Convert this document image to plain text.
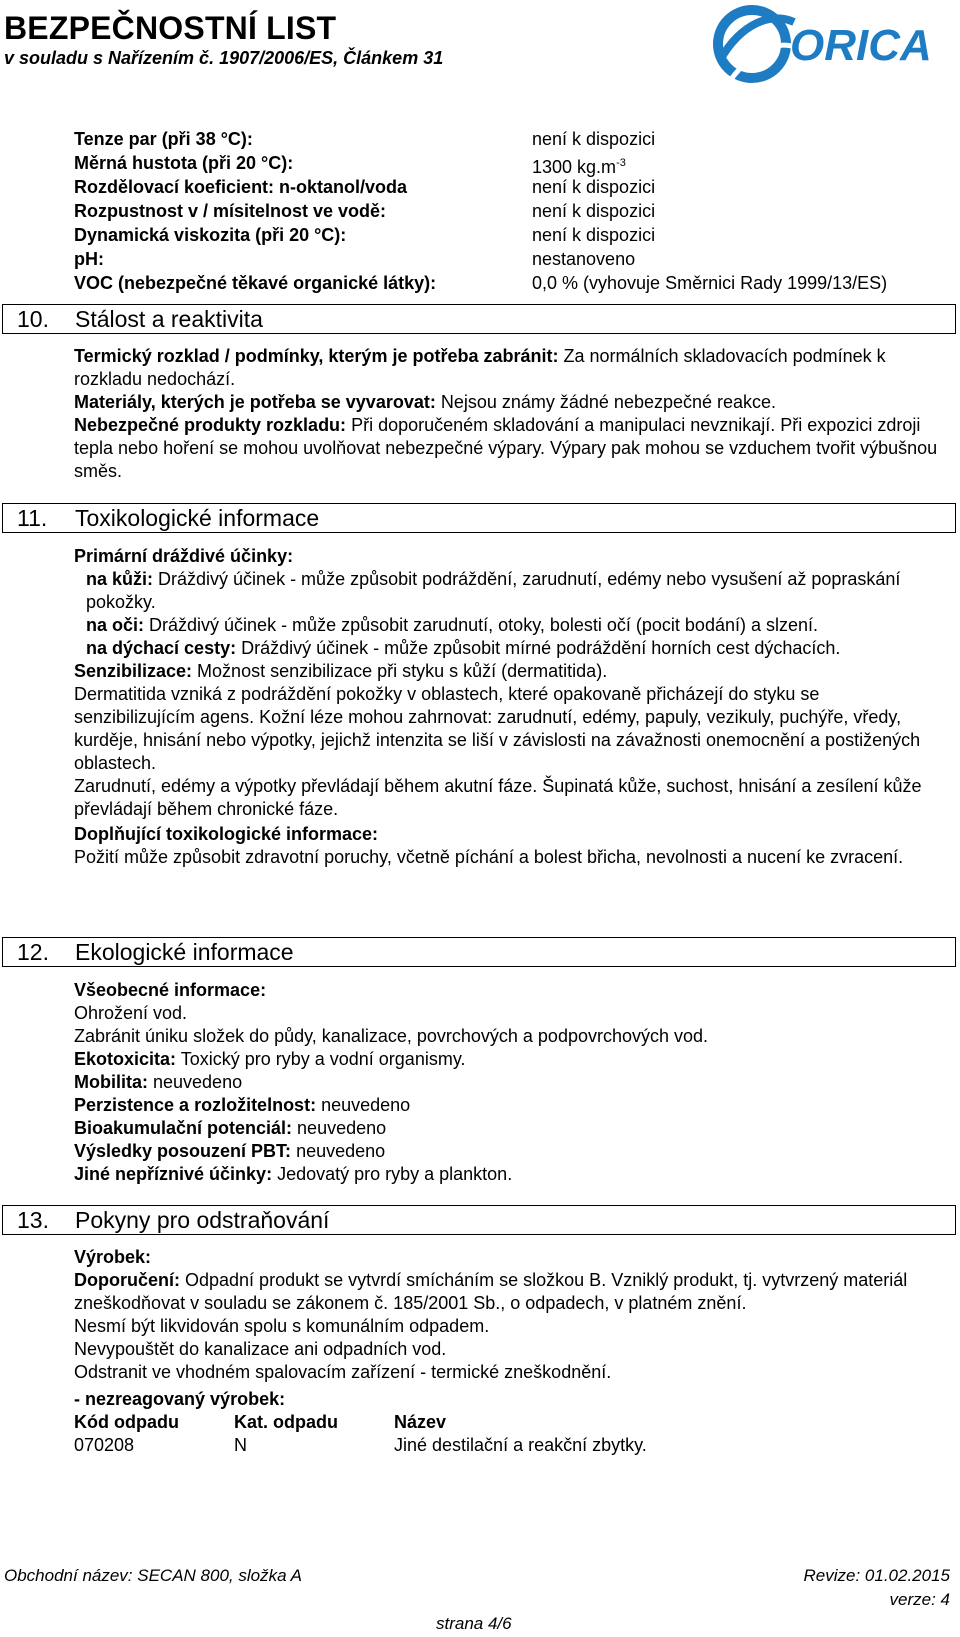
BEZPEČNOSTNÍ LIST
v souladu s Nařízením č. 1907/2006/ES, Článkem 31	ORICA
Tenze par (při 38 °C):	není k dispozici
Měrná hustota (při 20 °C):	1300 $kg.m^{-3}$
Rozdělovací koeficient: n-oktanol/voda	není k dispozici
Rozpustnost v / mísitelnost ve vodě:	není k dispozici
Dynamická viskozita (při 20 °C):	není k dispozici
pH:	nestanoveno
VOC (nebezpečné těkavé organické látky):	0,0 % (vyhovuje Směrnici Rady 1999/13/ES)
10. Stálost a reaktivita

Termický rozklad / podmínky, kterým je potřeba zabránit: Za normálních skladovacích podmínek k rozkladu nedochází.

Materiály, kterých je potřeba se vyvarovat: Nejsou známy žádné nebezpečné reakce.

Nebezpečné produkty rozkladu: Při doporučeném skladování a manipulaci nevznikají. Při expozici zdroji tepla nebo hoření se mohou uvolňovat nebezpečné výpary. Výpary pak mohou se vzduchem tvořit výbušnou směs.

11. Toxikologické informace

Primární dráždivé účinky:

na kůži: Dráždivý účinek - může způsobit podráždění, zarudnutí, edémy nebo vysušení až popraskání pokožky.

na oči: Dráždivý účinek - může způsobit zarudnutí, otoky, bolesti očí (pocit bodání) a slzení.

na dýchací cesty: Dráždivý účinek - může způsobit mírné podráždění horních cest dýchacích.

Senzibilizace: Možnost senzibilizace při styku s kůží (dermatitida).

Dermatitida vzniká z podráždění pokožky v oblastech, které opakovaně přicházejí do styku se senzibilizujícím agens. Kožní léze mohou zahrnovat: zarudnutí, edémy, papuly, vezikuly, puchýře, vředy, kurděje, hnisání nebo výpotky, jejichž intenzita se liší v závislosti na závažnosti onemocnění a postižených oblastech.

Zarudnutí, edémy a výpotky převládají během akutní fáze. Šupinatá kůže, suchost, hnisání a zesílení kůže převládají během chronické fáze.

Doplňující toxikologické informace:

Požití může způsobit zdravotní poruchy, včetně píchání a bolest břicha, nevolnosti a nucení ke zvracení.

12. Ekologické informace

Všeobecné informace:

Ohrožení vod.

Zabránit úniku složek do půdy, kanalizace, povrchových a podpovrchových vod.

Ekotoxicita: Toxický pro ryby a vodní organismy.

Mobilita: neuvedeno

Perzistence a rozložitelnost: neuvedeno

Bioakumulační potenciál: neuvedeno

Výsledky posouzení PBT: neuvedeno

Jiné nepříznivé účinky: Jedovatý pro ryby a plankton.

13. Pokyny pro odstraňování

Výrobek:

Doporučení: Odpadní produkt se vytvrdí smícháním se složkou B. Vzniklý produkt, tj. vytvrzený materiál zneškodňovat v souladu se zákonem č. 185/2001 Sb., o odpadech, v platném znění.

Nesmí být likvidován spolu s komunálním odpadem.

Nevypouštět do kanalizace ani odpadních vod.

Odstranit ve vhodném spalovacím zařízení - termické zneškodnění.

- nezreagovaný výrobek:

Kód odpadu	Kat. odpadu	Název
070208	N	Jiné destilační a reakční zbytky.
Obchodní název: SECAN 800, složka A	Revize: 01.02.2015
verze: 4
strana 4/6
